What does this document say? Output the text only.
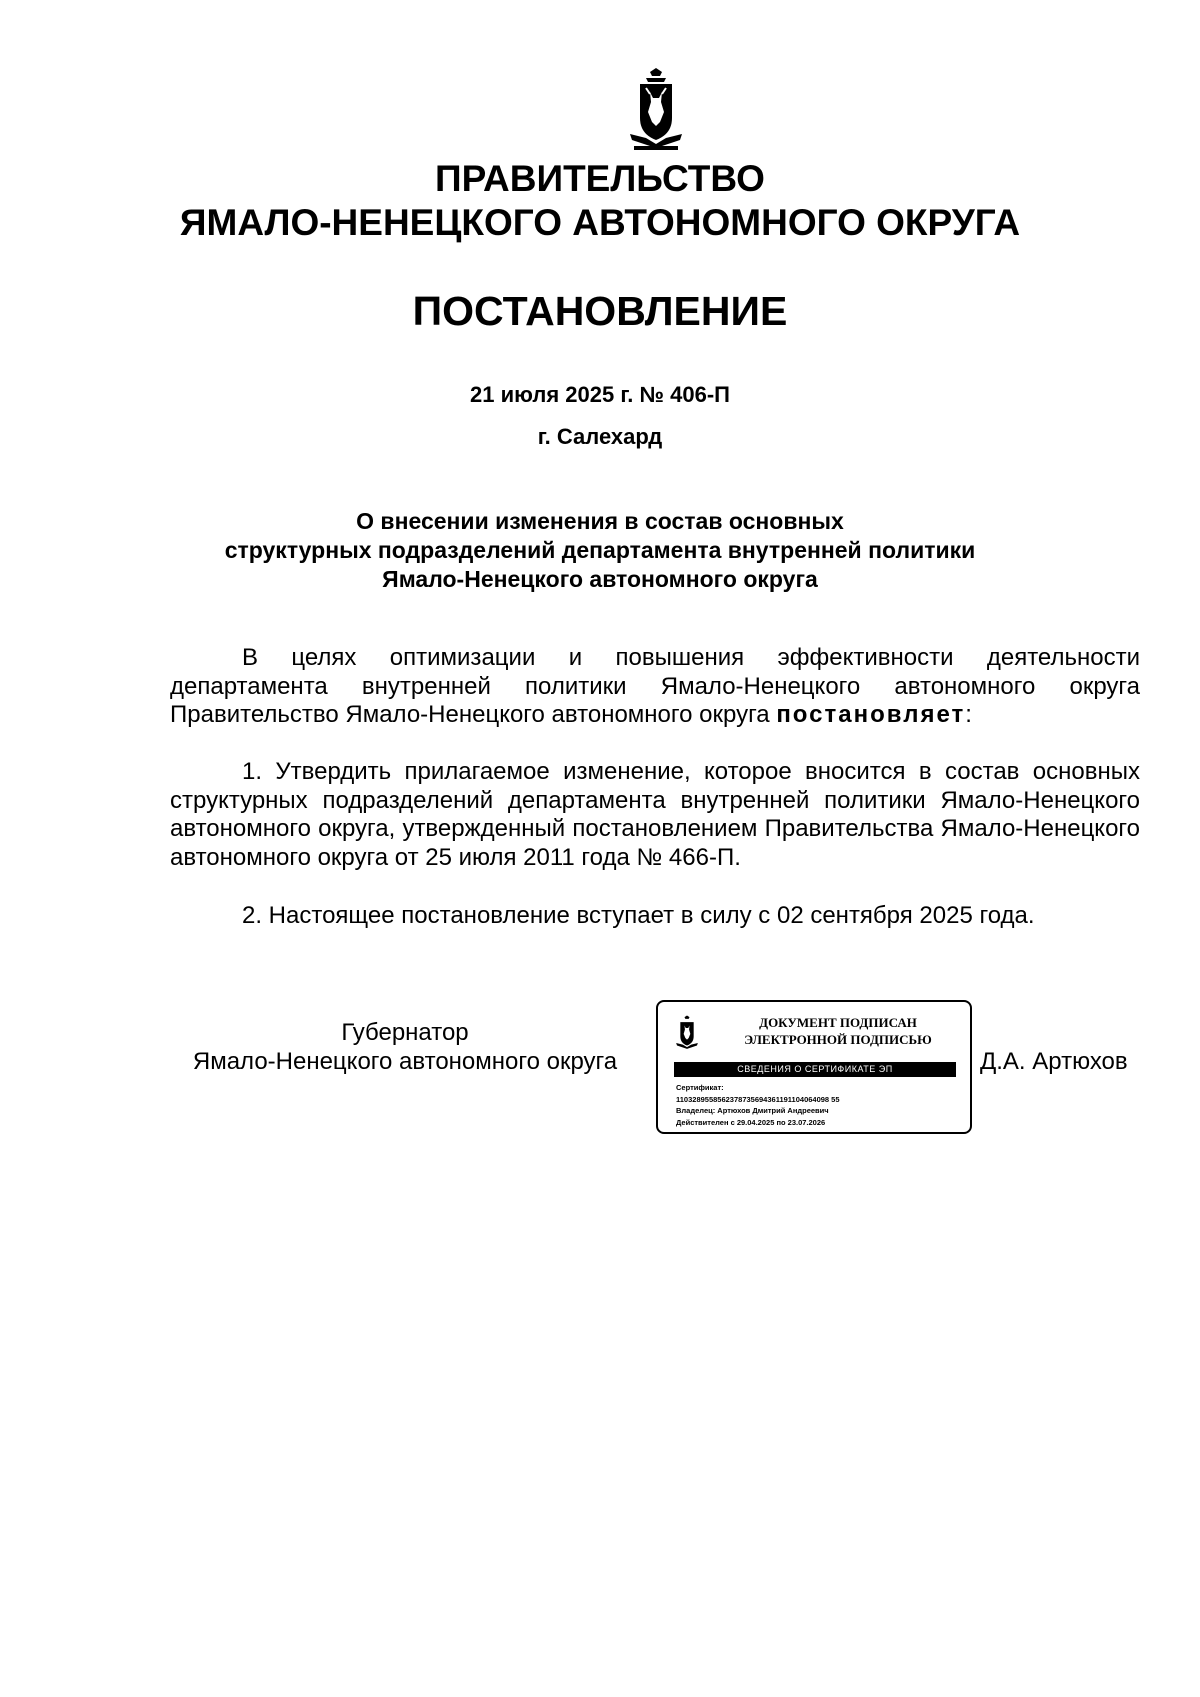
ПРАВИТЕЛЬСТВО
ЯМАЛО-НЕНЕЦКОГО АВТОНОМНОГО ОКРУГА
ПОСТАНОВЛЕНИЕ
21 июля 2025 г. № 406-П
г. Салехард
О внесении изменения в состав основных
структурных подразделений департамента внутренней политики
Ямало-Ненецкого автономного округа
В целях оптимизации и повышения эффективности деятельности департамента внутренней политики Ямало-Ненецкого автономного округа Правительство Ямало-Ненецкого автономного округа постановляет:
1. Утвердить прилагаемое изменение, которое вносится в состав основных структурных подразделений департамента внутренней политики Ямало-Ненецкого автономного округа, утвержденный постановлением Правительства Ямало-Ненецкого автономного округа от 25 июля 2011 года № 466-П.
2. Настоящее постановление вступает в силу с 02 сентября 2025 года.
Губернатор
Ямало-Ненецкого автономного округа
ДОКУМЕНТ ПОДПИСАН
ЭЛЕКТРОННОЙ ПОДПИСЬЮ
СВЕДЕНИЯ О СЕРТИФИКАТЕ ЭП
Сертификат:
1103289558562378735694361191104064098 55
Владелец: Артюхов Дмитрий Андреевич
Действителен с 29.04.2025 по 23.07.2026
Д.А. Артюхов
